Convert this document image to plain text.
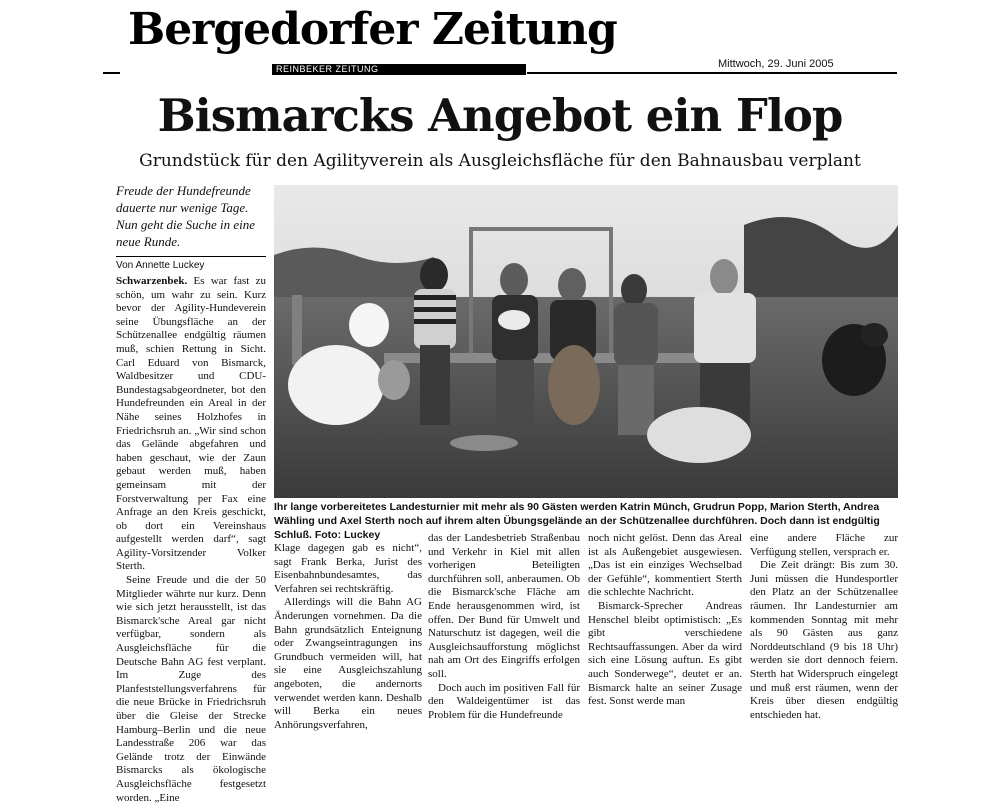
Bergedorfer Zeitung
REINBEKER ZEITUNG	Mittwoch, 29. Juni 2005
Bismarcks Angebot ein Flop
Grundstück für den Agilityverein als Ausgleichsfläche für den Bahnausbau verplant
Freude der Hundefreunde dauerte nur wenige Tage. Nun geht die Suche in eine neue Runde.
Von Annette Luckey

Schwarzenbek. Es war fast zu schön, um wahr zu sein. Kurz bevor der Agility-Hundeverein seine Übungsfläche an der Schützenallee endgültig räumen muß, schien Rettung in Sicht. Carl Eduard von Bismarck, Waldbesitzer und CDU-Bundestagsabgeordneter, bot den Hundefreunden ein Areal in der Nähe seines Holzhofes in Friedrichsruh an. „Wir sind schon das Gelände abgefahren und haben geschaut, wie der Zaun gebaut werden muß, haben gemeinsam mit der Forstverwaltung per Fax eine Anfrage an den Kreis geschickt, ob dort ein Vereinshaus aufgestellt werden darf“, sagt Agility-Vorsitzender Volker Sterth.

Seine Freude und die der 50 Mitglieder währte nur kurz. Denn wie sich jetzt herausstellt, ist das Bismarck'sche Areal gar nicht verfügbar, sondern als Ausgleichsfläche für die Deutsche Bahn AG fest verplant. Im Zuge des Planfeststellungsverfahrens für die neue Brücke in Friedrichsruh über die Gleise der Strecke Hamburg–Berlin und die neue Landesstraße 206 war das Gelände trotz der Einwände Bismarcks als ökologische Ausgleichsfläche festgesetzt worden. „Eine

Ihr lange vorbereitetes Landesturnier mit mehr als 90 Gästen werden Katrin Münch, Grudrun Popp, Marion Sterth, Andrea Wähling und Axel Sterth noch auf ihrem alten Übungsgelände an der Schützenallee durchführen. Doch dann ist endgültig Schluß. Foto: Luckey

Klage dagegen gab es nicht“, sagt Frank Berka, Jurist des Eisenbahnbundesamtes, das Verfahren sei rechtskräftig.

Allerdings will die Bahn AG Änderungen vornehmen. Da die Bahn grundsätzlich Enteignung oder Zwangseintragungen ins Grundbuch vermeiden will, hat sie eine Ausgleichszahlung angeboten, die andernorts verwendet werden kann. Deshalb will Berka ein neues Anhörungsverfahren,

das der Landesbetrieb Straßenbau und Verkehr in Kiel mit allen vorherigen Beteiligten durchführen soll, anberaumen. Ob die Bismarck'sche Fläche am Ende herausgenommen wird, ist offen. Der Bund für Umwelt und Naturschutz ist dagegen, weil die Ausgleichsaufforstung möglichst nah am Ort des Eingriffs erfolgen soll.

Doch auch im positiven Fall für den Waldeigentümer ist das Problem für die Hundefreunde

noch nicht gelöst. Denn das Areal ist als Außengebiet ausgewiesen. „Das ist ein einziges Wechselbad der Gefühle“, kommentiert Sterth die schlechte Nachricht.

Bismarck-Sprecher Andreas Henschel bleibt optimistisch: „Es gibt verschiedene Rechtsauffassungen. Aber da wird sich eine Lösung auftun. Es gibt auch Sonderwege“, deutet er an. Bismarck halte an seiner Zusage fest. Sonst werde man

eine andere Fläche zur Verfügung stellen, versprach er.

Die Zeit drängt: Bis zum 30. Juni müssen die Hundesportler den Platz an der Schützenallee räumen. Ihr Landesturnier am kommenden Sonntag mit mehr als 90 Gästen aus ganz Norddeutschland (9 bis 18 Uhr) werden sie dort dennoch feiern. Sterth hat Widerspruch eingelegt und muß erst räumen, wenn der Kreis über diesen endgültig entschieden hat.
